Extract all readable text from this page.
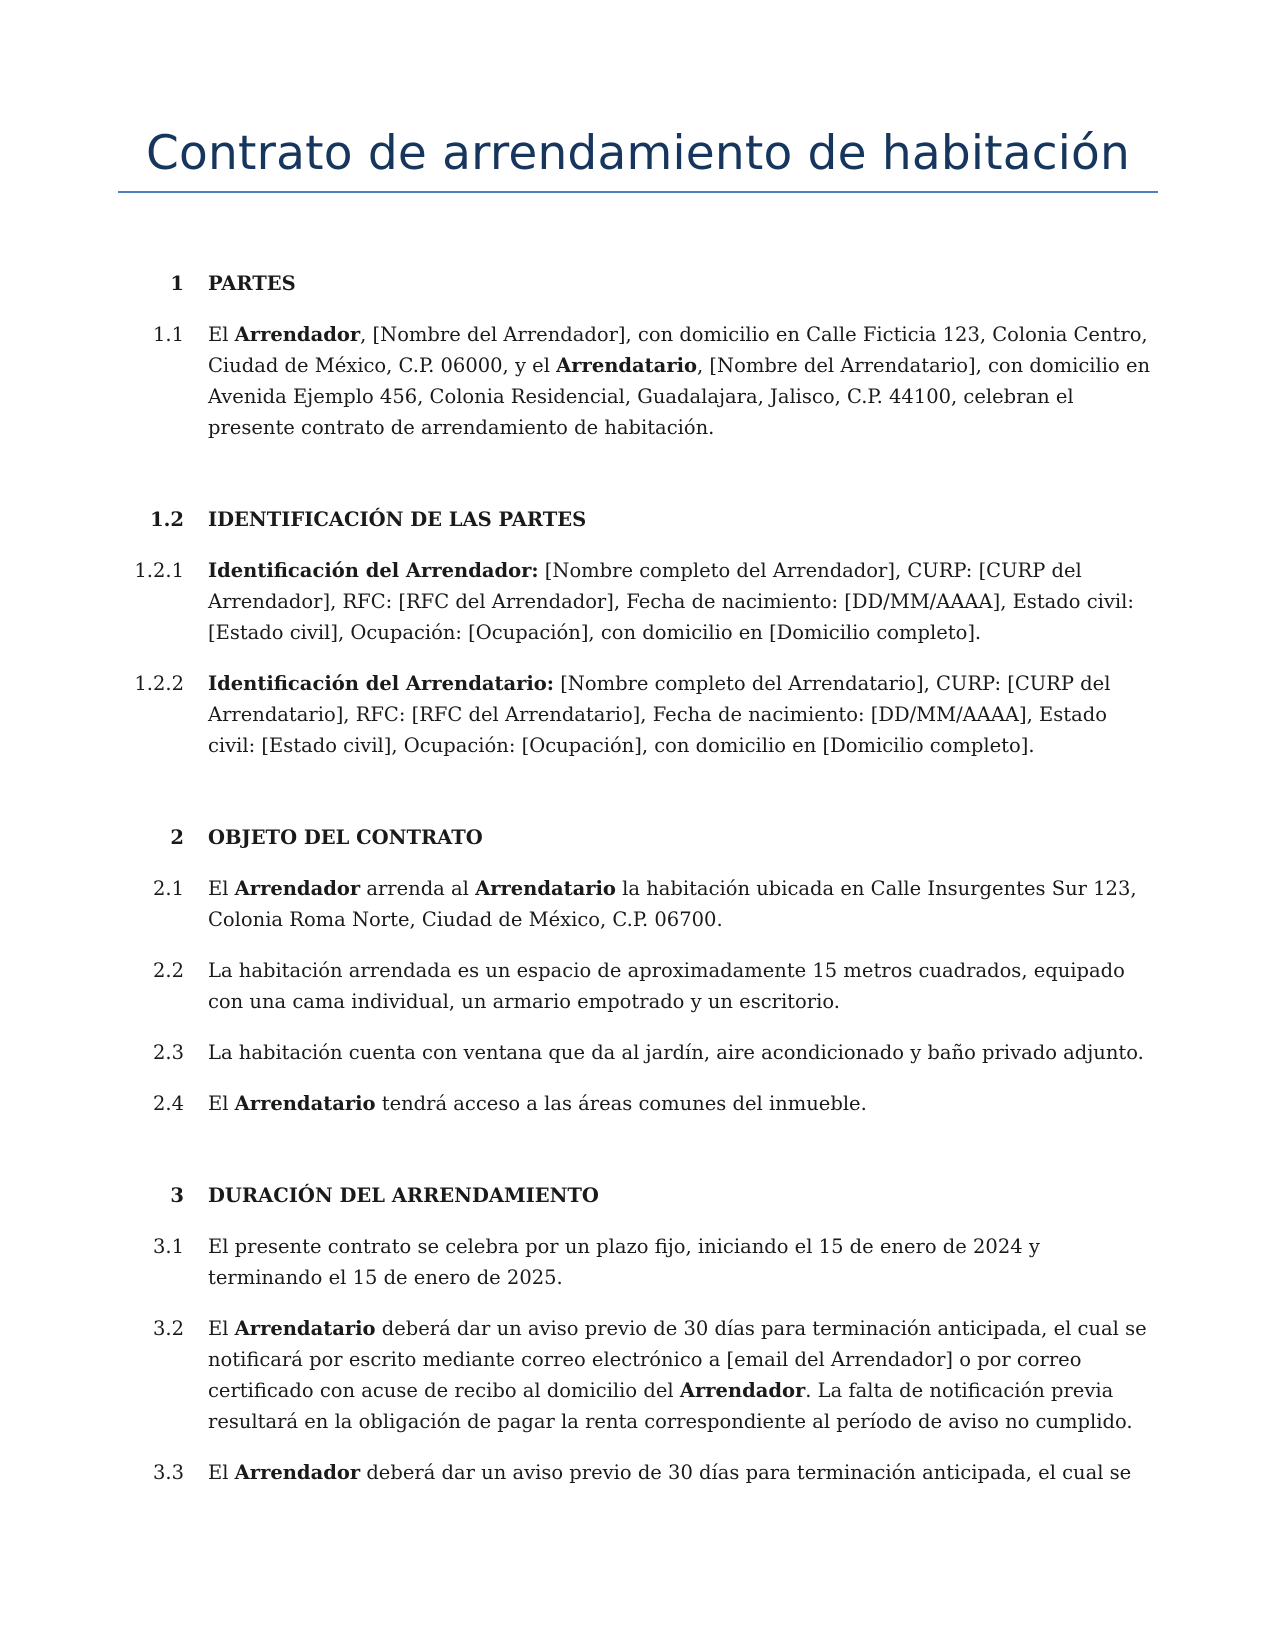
Contrato de arrendamiento de habitación
1 PARTES
1.1 El Arrendador, [Nombre del Arrendador], con domicilio en Calle Ficticia 123, Colonia Centro, Ciudad de México, C.P. 06000, y el Arrendatario, [Nombre del Arrendatario], con domicilio en Avenida Ejemplo 456, Colonia Residencial, Guadalajara, Jalisco, C.P. 44100, celebran el presente contrato de arrendamiento de habitación.
1.2 IDENTIFICACIÓN DE LAS PARTES
1.2.1 Identificación del Arrendador: [Nombre completo del Arrendador], CURP: [CURP del Arrendador], RFC: [RFC del Arrendador], Fecha de nacimiento: [DD/MM/AAAA], Estado civil: [Estado civil], Ocupación: [Ocupación], con domicilio en [Domicilio completo].
1.2.2 Identificación del Arrendatario: [Nombre completo del Arrendatario], CURP: [CURP del Arrendatario], RFC: [RFC del Arrendatario], Fecha de nacimiento: [DD/MM/AAAA], Estado civil: [Estado civil], Ocupación: [Ocupación], con domicilio en [Domicilio completo].
2 OBJETO DEL CONTRATO
2.1 El Arrendador arrenda al Arrendatario la habitación ubicada en Calle Insurgentes Sur 123, Colonia Roma Norte, Ciudad de México, C.P. 06700.
2.2 La habitación arrendada es un espacio de aproximadamente 15 metros cuadrados, equipado con una cama individual, un armario empotrado y un escritorio.
2.3 La habitación cuenta con ventana que da al jardín, aire acondicionado y baño privado adjunto.
2.4 El Arrendatario tendrá acceso a las áreas comunes del inmueble.
3 DURACIÓN DEL ARRENDAMIENTO
3.1 El presente contrato se celebra por un plazo fijo, iniciando el 15 de enero de 2024 y terminando el 15 de enero de 2025.
3.2 El Arrendatario deberá dar un aviso previo de 30 días para terminación anticipada, el cual se notificará por escrito mediante correo electrónico a [email del Arrendador] o por correo certificado con acuse de recibo al domicilio del Arrendador. La falta de notificación previa resultará en la obligación de pagar la renta correspondiente al período de aviso no cumplido.
3.3 El Arrendador deberá dar un aviso previo de 30 días para terminación anticipada, el cual se
